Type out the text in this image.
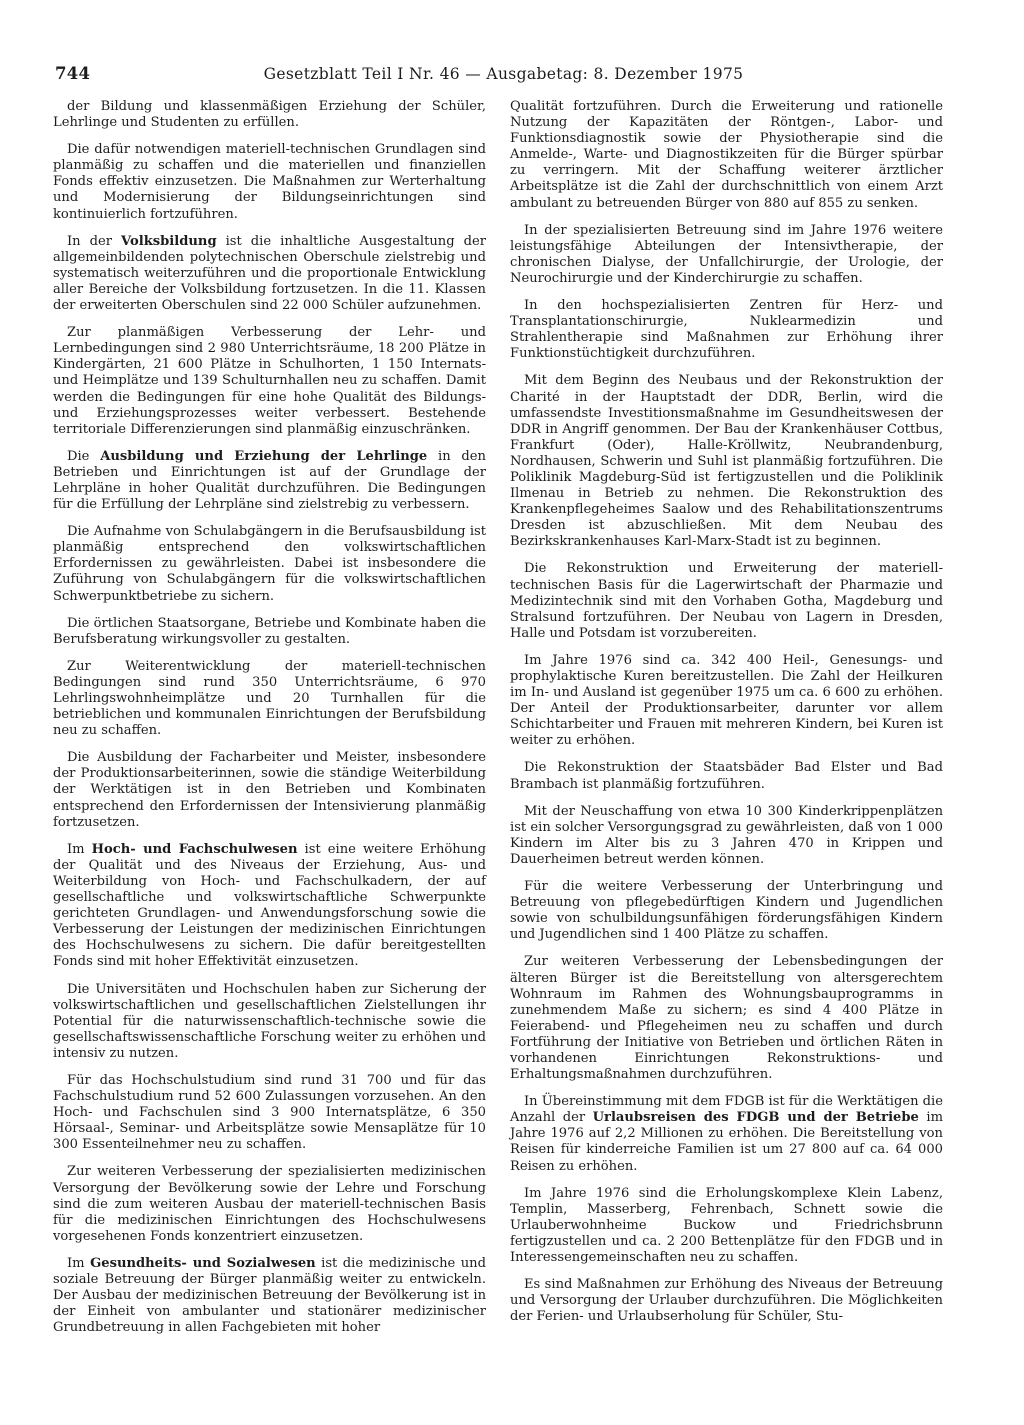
744	Gesetzblatt Teil I Nr. 46 — Ausgabetag: 8. Dezember 1975

der Bildung und klassenmäßigen Erziehung der Schüler, Lehrlinge und Studenten zu erfüllen.

Die dafür notwendigen materiell-technischen Grundlagen sind planmäßig zu schaffen und die materiellen und finanziellen Fonds effektiv einzusetzen. Die Maßnahmen zur Werterhaltung und Modernisierung der Bildungseinrichtungen sind kontinuierlich fortzuführen.

In der Volksbildung ist die inhaltliche Ausgestaltung der allgemeinbildenden polytechnischen Oberschule zielstrebig und systematisch weiterzuführen und die proportionale Entwicklung aller Bereiche der Volksbildung fortzusetzen. In die 11. Klassen der erweiterten Oberschulen sind 22 000 Schüler aufzunehmen.

Zur planmäßigen Verbesserung der Lehr- und Lernbedingungen sind 2 980 Unterrichtsräume, 18 200 Plätze in Kindergärten, 21 600 Plätze in Schulhorten, 1 150 Internats- und Heimplätze und 139 Schulturnhallen neu zu schaffen. Damit werden die Bedingungen für eine hohe Qualität des Bildungs- und Erziehungsprozesses weiter verbessert. Bestehende territoriale Differenzierungen sind planmäßig einzuschränken.

Die Ausbildung und Erziehung der Lehrlinge in den Betrieben und Einrichtungen ist auf der Grundlage der Lehrpläne in hoher Qualität durchzuführen. Die Bedingungen für die Erfüllung der Lehrpläne sind zielstrebig zu verbessern.

Die Aufnahme von Schulabgängern in die Berufsausbildung ist planmäßig entsprechend den volkswirtschaftlichen Erfordernissen zu gewährleisten. Dabei ist insbesondere die Zuführung von Schulabgängern für die volkswirtschaftlichen Schwerpunktbetriebe zu sichern.

Die örtlichen Staatsorgane, Betriebe und Kombinate haben die Berufsberatung wirkungsvoller zu gestalten.

Zur Weiterentwicklung der materiell-technischen Bedingungen sind rund 350 Unterrichtsräume, 6 970 Lehrlingswohnheimplätze und 20 Turnhallen für die betrieblichen und kommunalen Einrichtungen der Berufsbildung neu zu schaffen.

Die Ausbildung der Facharbeiter und Meister, insbesondere der Produktionsarbeiterinnen, sowie die ständige Weiterbildung der Werktätigen ist in den Betrieben und Kombinaten entsprechend den Erfordernissen der Intensivierung planmäßig fortzusetzen.

Im Hoch- und Fachschulwesen ist eine weitere Erhöhung der Qualität und des Niveaus der Erziehung, Aus- und Weiterbildung von Hoch- und Fachschulkadern, der auf gesellschaftliche und volkswirtschaftliche Schwerpunkte gerichteten Grundlagen- und Anwendungsforschung sowie die Verbesserung der Leistungen der medizinischen Einrichtungen des Hochschulwesens zu sichern. Die dafür bereitgestellten Fonds sind mit hoher Effektivität einzusetzen.

Die Universitäten und Hochschulen haben zur Sicherung der volkswirtschaftlichen und gesellschaftlichen Zielstellungen ihr Potential für die naturwissenschaftlich-technische sowie die gesellschaftswissenschaftliche Forschung weiter zu erhöhen und intensiv zu nutzen.

Für das Hochschulstudium sind rund 31 700 und für das Fachschulstudium rund 52 600 Zulassungen vorzusehen. An den Hoch- und Fachschulen sind 3 900 Internatsplätze, 6 350 Hörsaal-, Seminar- und Arbeitsplätze sowie Mensaplätze für 10 300 Essenteilnehmer neu zu schaffen.

Zur weiteren Verbesserung der spezialisierten medizinischen Versorgung der Bevölkerung sowie der Lehre und Forschung sind die zum weiteren Ausbau der materiell-technischen Basis für die medizinischen Einrichtungen des Hochschulwesens vorgesehenen Fonds konzentriert einzusetzen.

Im Gesundheits- und Sozialwesen ist die medizinische und soziale Betreuung der Bürger planmäßig weiter zu entwickeln. Der Ausbau der medizinischen Betreuung der Bevölkerung ist in der Einheit von ambulanter und stationärer medizinischer Grundbetreuung in allen Fachgebieten mit hoher

Qualität fortzuführen. Durch die Erweiterung und rationelle Nutzung der Kapazitäten der Röntgen-, Labor- und Funktionsdiagnostik sowie der Physiotherapie sind die Anmelde-, Warte- und Diagnostikzeiten für die Bürger spürbar zu verringern. Mit der Schaffung weiterer ärztlicher Arbeitsplätze ist die Zahl der durchschnittlich von einem Arzt ambulant zu betreuenden Bürger von 880 auf 855 zu senken.

In der spezialisierten Betreuung sind im Jahre 1976 weitere leistungsfähige Abteilungen der Intensivtherapie, der chronischen Dialyse, der Unfallchirurgie, der Urologie, der Neurochirurgie und der Kinderchirurgie zu schaffen.

In den hochspezialisierten Zentren für Herz- und Transplantationschirurgie, Nuklearmedizin und Strahlentherapie sind Maßnahmen zur Erhöhung ihrer Funktionstüchtigkeit durchzuführen.

Mit dem Beginn des Neubaus und der Rekonstruktion der Charité in der Hauptstadt der DDR, Berlin, wird die umfassendste Investitionsmaßnahme im Gesundheitswesen der DDR in Angriff genommen. Der Bau der Krankenhäuser Cottbus, Frankfurt (Oder), Halle-Kröllwitz, Neubrandenburg, Nordhausen, Schwerin und Suhl ist planmäßig fortzuführen. Die Poliklinik Magdeburg-Süd ist fertigzustellen und die Poliklinik Ilmenau in Betrieb zu nehmen. Die Rekonstruktion des Krankenpflegeheimes Saalow und des Rehabilitationszentrums Dresden ist abzuschließen. Mit dem Neubau des Bezirkskrankenhauses Karl-Marx-Stadt ist zu beginnen.

Die Rekonstruktion und Erweiterung der materiell-technischen Basis für die Lagerwirtschaft der Pharmazie und Medizintechnik sind mit den Vorhaben Gotha, Magdeburg und Stralsund fortzuführen. Der Neubau von Lagern in Dresden, Halle und Potsdam ist vorzubereiten.

Im Jahre 1976 sind ca. 342 400 Heil-, Genesungs- und prophylaktische Kuren bereitzustellen. Die Zahl der Heilkuren im In- und Ausland ist gegenüber 1975 um ca. 6 600 zu erhöhen. Der Anteil der Produktionsarbeiter, darunter vor allem Schichtarbeiter und Frauen mit mehreren Kindern, bei Kuren ist weiter zu erhöhen.

Die Rekonstruktion der Staatsbäder Bad Elster und Bad Brambach ist planmäßig fortzuführen.

Mit der Neuschaffung von etwa 10 300 Kinderkrippenplätzen ist ein solcher Versorgungsgrad zu gewährleisten, daß von 1 000 Kindern im Alter bis zu 3 Jahren 470 in Krippen und Dauerheimen betreut werden können.

Für die weitere Verbesserung der Unterbringung und Betreuung von pflegebedürftigen Kindern und Jugendlichen sowie von schulbildungsunfähigen förderungsfähigen Kindern und Jugendlichen sind 1 400 Plätze zu schaffen.

Zur weiteren Verbesserung der Lebensbedingungen der älteren Bürger ist die Bereitstellung von altersgerechtem Wohnraum im Rahmen des Wohnungsbauprogramms in zunehmendem Maße zu sichern; es sind 4 400 Plätze in Feierabend- und Pflegeheimen neu zu schaffen und durch Fortführung der Initiative von Betrieben und örtlichen Räten in vorhandenen Einrichtungen Rekonstruktions- und Erhaltungsmaßnahmen durchzuführen.

In Übereinstimmung mit dem FDGB ist für die Werktätigen die Anzahl der Urlaubsreisen des FDGB und der Betriebe im Jahre 1976 auf 2,2 Millionen zu erhöhen. Die Bereitstellung von Reisen für kinderreiche Familien ist um 27 800 auf ca. 64 000 Reisen zu erhöhen.

Im Jahre 1976 sind die Erholungskomplexe Klein Labenz, Templin, Masserberg, Fehrenbach, Schnett sowie die Urlauberwohnheime Buckow und Friedrichsbrunn fertigzustellen und ca. 2 200 Bettenplätze für den FDGB und in Interessengemeinschaften neu zu schaffen.

Es sind Maßnahmen zur Erhöhung des Niveaus der Betreuung und Versorgung der Urlauber durchzuführen. Die Möglichkeiten der Ferien- und Urlaubserholung für Schüler, Stu-
